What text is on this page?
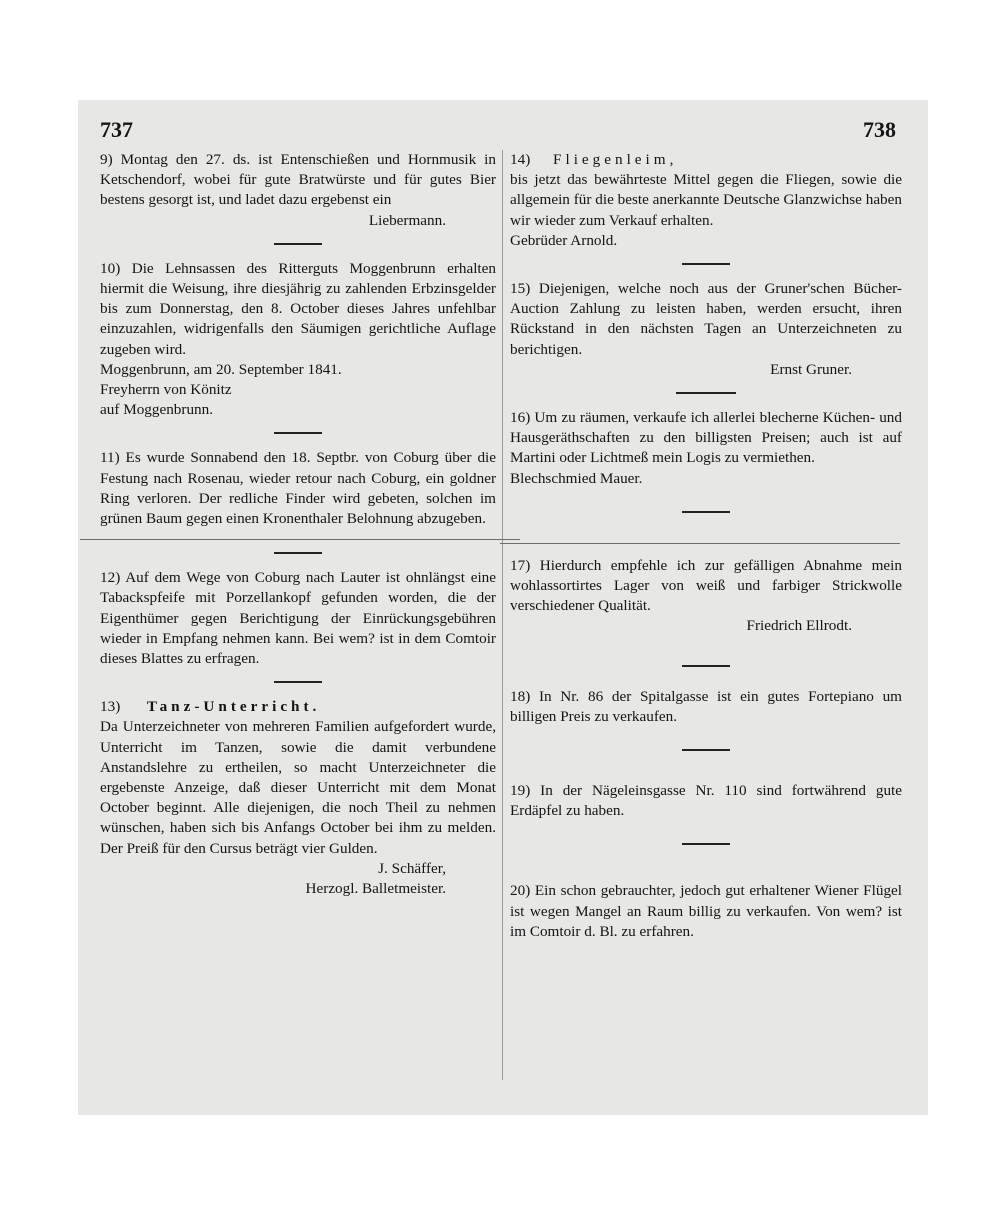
737	738

9) Montag den 27. ds. ist Entenschießen und Hornmusik in Ketschendorf, wobei für gute Bratwürste und für gutes Bier bestens gesorgt ist, und ladet dazu ergebenst ein

Liebermann.

10) Die Lehnsassen des Ritterguts Moggenbrunn erhalten hiermit die Weisung, ihre diesjährig zu zahlenden Erbzinsgelder bis zum Donnerstag, den 8. October dieses Jahres unfehlbar einzuzahlen, widrigenfalls den Säumigen gerichtliche Auflage zugeben wird.

Moggenbrunn, am 20. September 1841.

Freyherrn von Könitz

auf Moggenbrunn.

11) Es wurde Sonnabend den 18. Septbr. von Coburg über die Festung nach Rosenau, wieder retour nach Coburg, ein goldner Ring verloren. Der redliche Finder wird gebeten, solchen im grünen Baum gegen einen Kronenthaler Belohnung abzugeben.

12) Auf dem Wege von Coburg nach Lauter ist ohnlängst eine Tabackspfeife mit Porzellankopf gefunden worden, die der Eigenthümer gegen Berichtigung der Einrückungsgebühren wieder in Empfang nehmen kann. Bei wem? ist in dem Comtoir dieses Blattes zu erfragen.

13) Tanz-Unterricht.

Da Unterzeichneter von mehreren Familien aufgefordert wurde, Unterricht im Tanzen, sowie die damit verbundene Anstandslehre zu ertheilen, so macht Unterzeichneter die ergebenste Anzeige, daß dieser Unterricht mit dem Monat October beginnt. Alle diejenigen, die noch Theil zu nehmen wünschen, haben sich bis Anfangs October bei ihm zu melden. Der Preiß für den Cursus beträgt vier Gulden.

J. Schäffer,

Herzogl. Balletmeister.

14) Fliegenleim,

bis jetzt das bewährteste Mittel gegen die Fliegen, sowie die allgemein für die beste anerkannte Deutsche Glanzwichse haben wir wieder zum Verkauf erhalten.

Gebrüder Arnold.

15) Diejenigen, welche noch aus der Gruner'schen Bücher-Auction Zahlung zu leisten haben, werden ersucht, ihren Rückstand in den nächsten Tagen an Unterzeichneten zu berichtigen.

Ernst Gruner.

16) Um zu räumen, verkaufe ich allerlei blecherne Küchen- und Hausgeräthschaften zu den billigsten Preisen; auch ist auf Martini oder Lichtmeß mein Logis zu vermiethen.

Blechschmied Mauer.

17) Hierdurch empfehle ich zur gefälligen Abnahme mein wohlassortirtes Lager von weiß und farbiger Strickwolle verschiedener Qualität.

Friedrich Ellrodt.

18) In Nr. 86 der Spitalgasse ist ein gutes Fortepiano um billigen Preis zu verkaufen.

19) In der Nägeleinsgasse Nr. 110 sind fortwährend gute Erdäpfel zu haben.

20) Ein schon gebrauchter, jedoch gut erhaltener Wiener Flügel ist wegen Mangel an Raum billig zu verkaufen. Von wem? ist im Comtoir d. Bl. zu erfahren.
